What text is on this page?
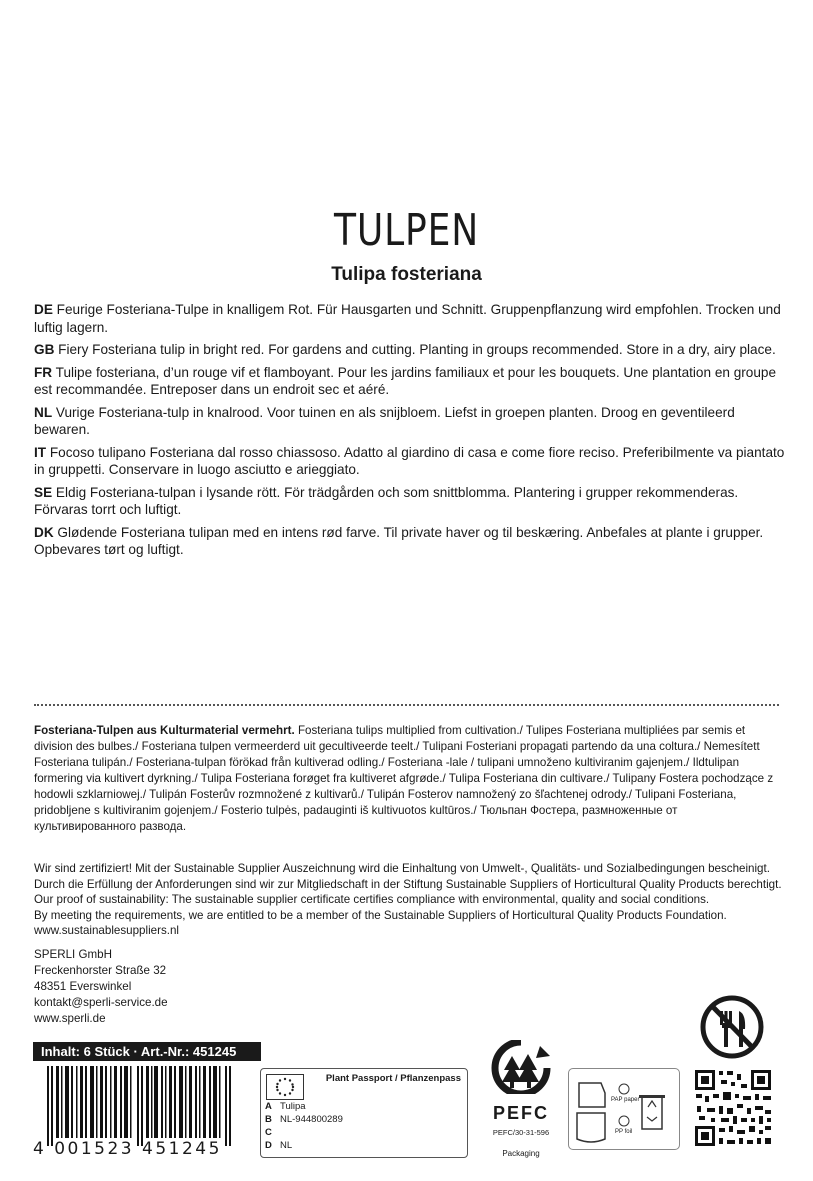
TULPEN
Tulipa fosteriana
DE Feurige Fosteriana-Tulpe in knalligem Rot. Für Hausgarten und Schnitt. Gruppenpflanzung wird empfohlen. Trocken und luftig lagern.
GB Fiery Fosteriana tulip in bright red. For gardens and cutting. Planting in groups recommended. Store in a dry, airy place.
FR Tulipe fosteriana, d’un rouge vif et flamboyant. Pour les jardins familiaux et pour les bouquets. Une plantation en groupe est recommandée. Entreposer dans un endroit sec et aéré.
NL Vurige Fosteriana-tulp in knalrood. Voor tuinen en als snijbloem. Liefst in groepen planten. Droog en geventileerd bewaren.
IT Focoso tulipano Fosteriana dal rosso chiassoso. Adatto al giardino di casa e come fiore reciso. Preferibilmente va piantato in gruppetti. Conservare in luogo asciutto e arieggiato.
SE Eldig Fosteriana-tulpan i lysande rött. För trädgården och som snittblomma. Plantering i grupper rekommenderas. Förvaras torrt och luftigt.
DK Glødende Fosteriana tulipan med en intens rød farve. Til private haver og til beskæring. Anbefales at plante i grupper. Opbevares tørt og luftigt.
Fosteriana-Tulpen aus Kulturmaterial vermehrt. Fosteriana tulips multiplied from cultivation./ Tulipes Fosteriana multipliées par semis et division des bulbes./ Fosteriana tulpen vermeerderd uit gecultiveerde teelt./ Tulipani Fosteriani propagati partendo da una coltura./ Nemesített Fosteriana tulipán./ Fosteriana-tulpan förökad från kultiverad odling./ Fosteriana -lale / tulipani umnoženo kultiviranim gajenjem./ Ildtulipan formering via kultivert dyrkning./ Tulipa Fosteriana forøget fra kultiveret afgrøde./ Tulipa Fosteriana din cultivare./ Tulipany Fostera pochodzące z hodowli szklarniowej./ Tulipán Fosterův rozmnožené z kultivarů./ Tulipán Fosterov namnožený zo šľachtenej odrody./ Tulipani Fosteriana, pridobljene s kultiviranim gojenjem./ Fosterio tulpės, padauginti iš kultivuotos kultūros./ Тюльпан Фостера, размноженные от культивированного развода.
Wir sind zertifiziert! Mit der Sustainable Supplier Auszeichnung wird die Einhaltung von Umwelt-, Qualitäts- und Sozialbedingungen bescheinigt.
Durch die Erfüllung der Anforderungen sind wir zur Mitgliedschaft in der Stiftung Sustainable Suppliers of Horticultural Quality Products berechtigt.
Our proof of sustainability: The sustainable supplier certificate certifies compliance with environmental, quality and social conditions.
By meeting the requirements, we are entitled to be a member of the Sustainable Suppliers of Horticultural Quality Products Foundation.
www.sustainablesuppliers.nl
SPERLI GmbH
Freckenhorster Straße 32
48351 Everswinkel
kontakt@sperli-service.de
www.sperli.de
Inhalt: 6 Stück · Art.-Nr.: 451245
4 001523 451245
Plant Passport / Pflanzenpass
A Tulipa
B NL-944800289
C
D NL
PEFC
PEFC/30-31-596
Packaging
PAP paper
PP foil
